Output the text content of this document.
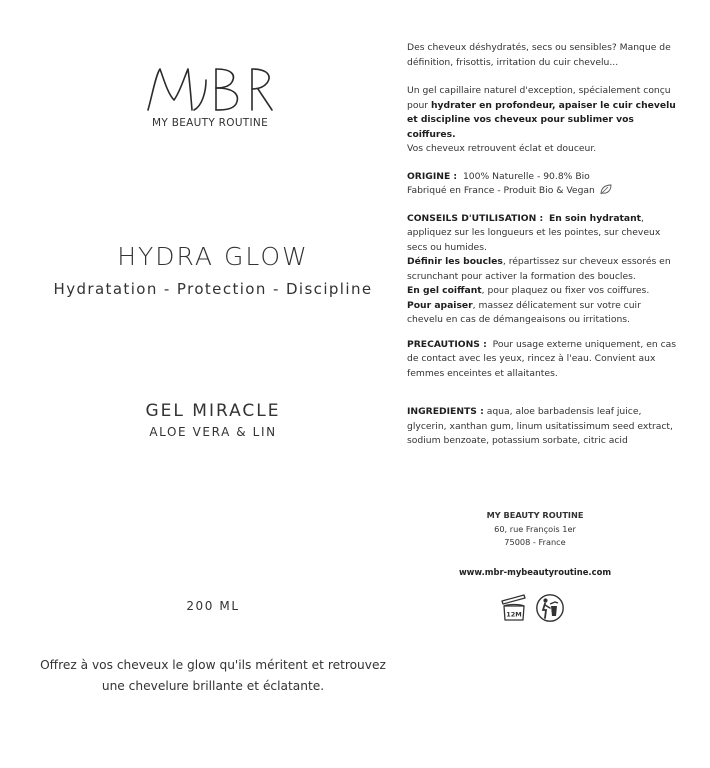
MY BEAUTY ROUTINE
HYDRA GLOW
Hydratation - Protection - Discipline
GEL MIRACLE
ALOE VERA & LIN
200 ML
Offrez à vos cheveux le glow qu'ils méritent et retrouvez une chevelure brillante et éclatante.

Des cheveux déshydratés, secs ou sensibles? Manque de définition, frisottis, irritation du cuir chevelu...

Un gel capillaire naturel d'exception, spécialement conçu pour hydrater en profondeur, apaiser le cuir chevelu et discipline vos cheveux pour sublimer vos coiffures.
Vos cheveux retrouvent éclat et douceur.

ORIGINE : 100% Naturelle - 90.8% Bio
Fabriqué en France - Produit Bio & Vegan

CONSEILS D'UTILISATION : En soin hydratant, appliquez sur les longueurs et les pointes, sur cheveux secs ou humides.
Définir les boucles, répartissez sur cheveux essorés en scrunchant pour activer la formation des boucles.
En gel coiffant, pour plaquez ou fixer vos coiffures.
Pour apaiser, massez délicatement sur votre cuir chevelu en cas de démangeaisons ou irritations.

PRECAUTIONS : Pour usage externe uniquement, en cas de contact avec les yeux, rincez à l'eau. Convient aux femmes enceintes et allaitantes.

INGREDIENTS : aqua, aloe barbadensis leaf juice, glycerin, xanthan gum, linum usitatissimum seed extract, sodium benzoate, potassium sorbate, citric acid

MY BEAUTY ROUTINE
60, rue François 1er
75008 - France
www.mbr-mybeautyroutine.com
12M
